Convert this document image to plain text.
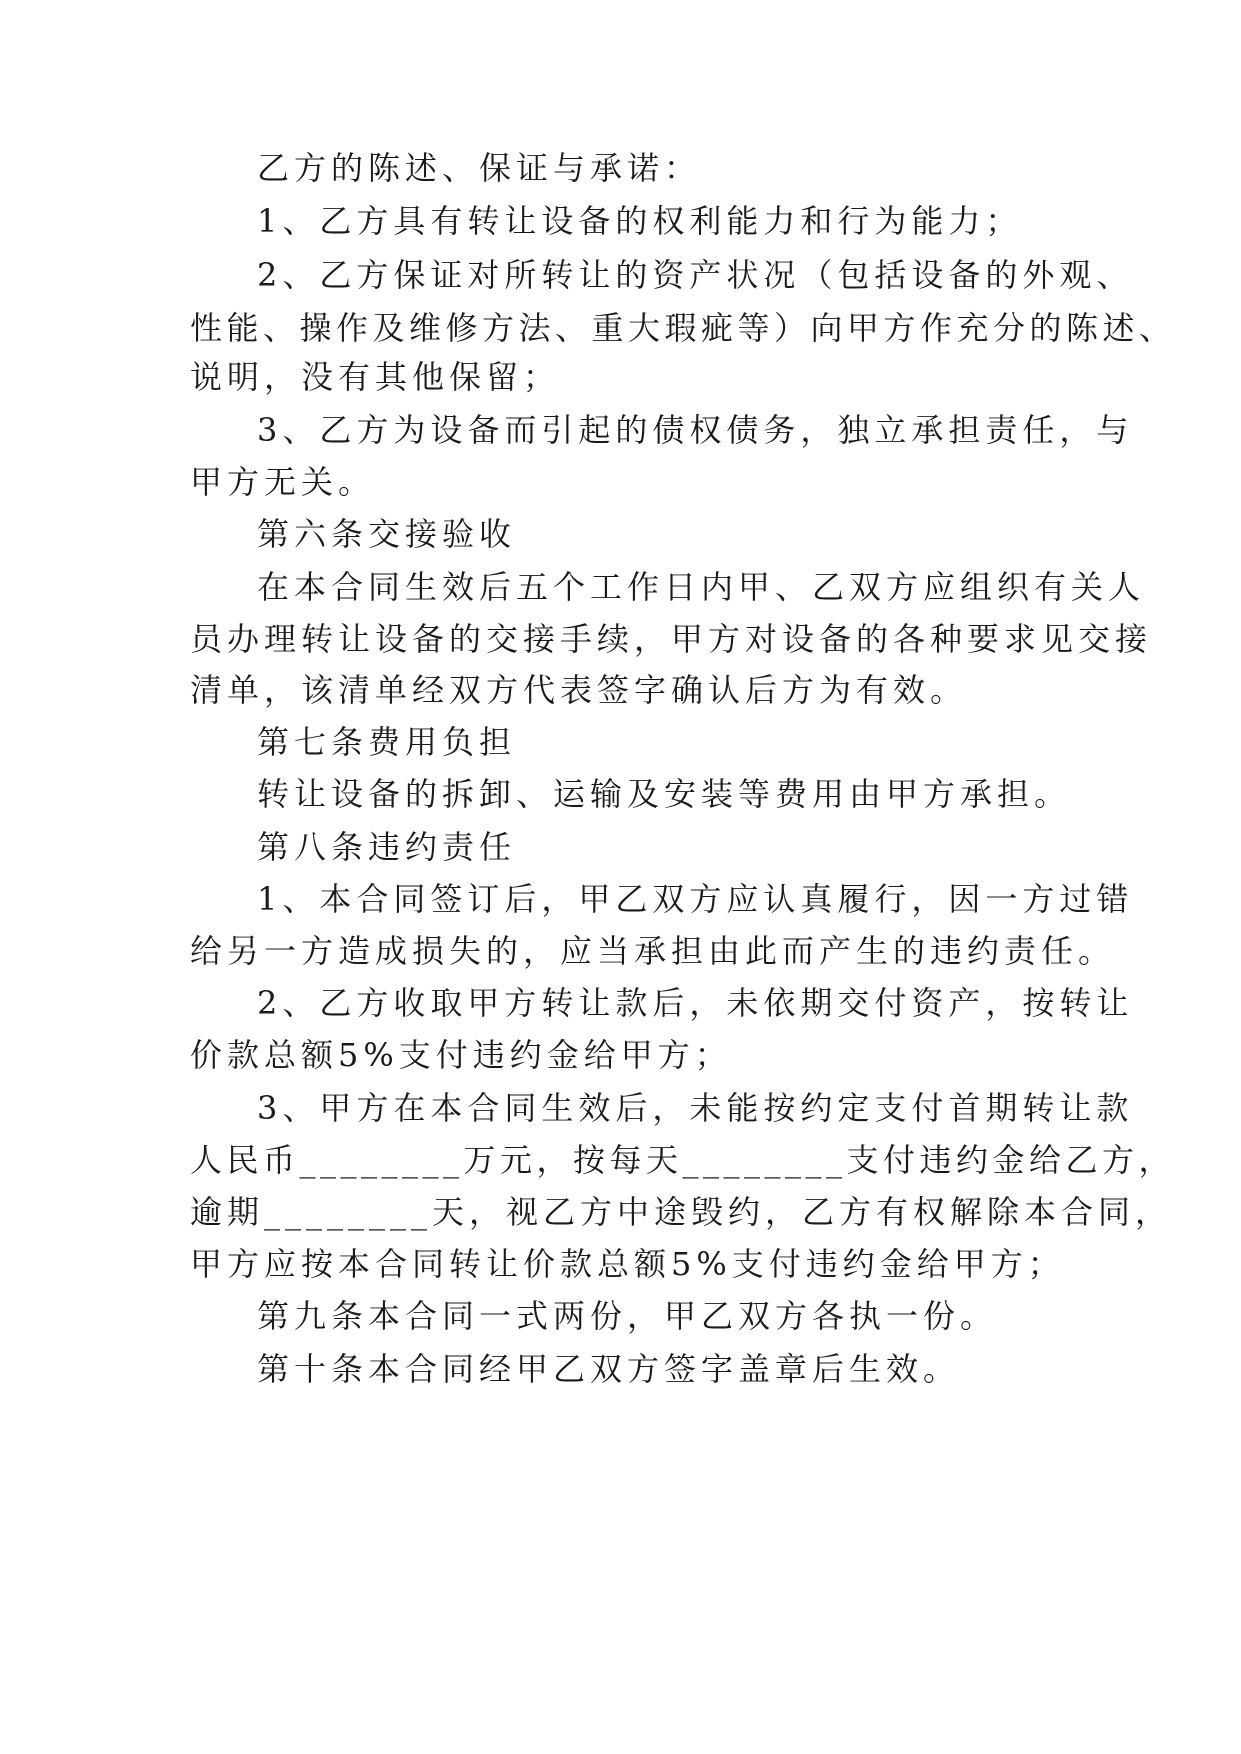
乙方的陈述、保证与承诺：
1、乙方具有转让设备的权利能力和行为能力；
2、乙方保证对所转让的资产状况（包括设备的外观、
性能、操作及维修方法、重大瑕疵等）向甲方作充分的陈述、
说明，没有其他保留；
3、乙方为设备而引起的债权债务，独立承担责任，与
甲方无关。
第六条交接验收
在本合同生效后五个工作日内甲、乙双方应组织有关人
员办理转让设备的交接手续，甲方对设备的各种要求见交接
清单，该清单经双方代表签字确认后方为有效。
第七条费用负担
转让设备的拆卸、运输及安装等费用由甲方承担。
第八条违约责任
1、本合同签订后，甲乙双方应认真履行，因一方过错
给另一方造成损失的，应当承担由此而产生的违约责任。
2、乙方收取甲方转让款后，未依期交付资产，按转让
价款总额5%支付违约金给甲方；
3、甲方在本合同生效后，未能按约定支付首期转让款
人民币________万元，按每天________支付违约金给乙方，
逾期________天，视乙方中途毁约，乙方有权解除本合同，
甲方应按本合同转让价款总额5%支付违约金给甲方；
第九条本合同一式两份，甲乙双方各执一份。
第十条本合同经甲乙双方签字盖章后生效。
